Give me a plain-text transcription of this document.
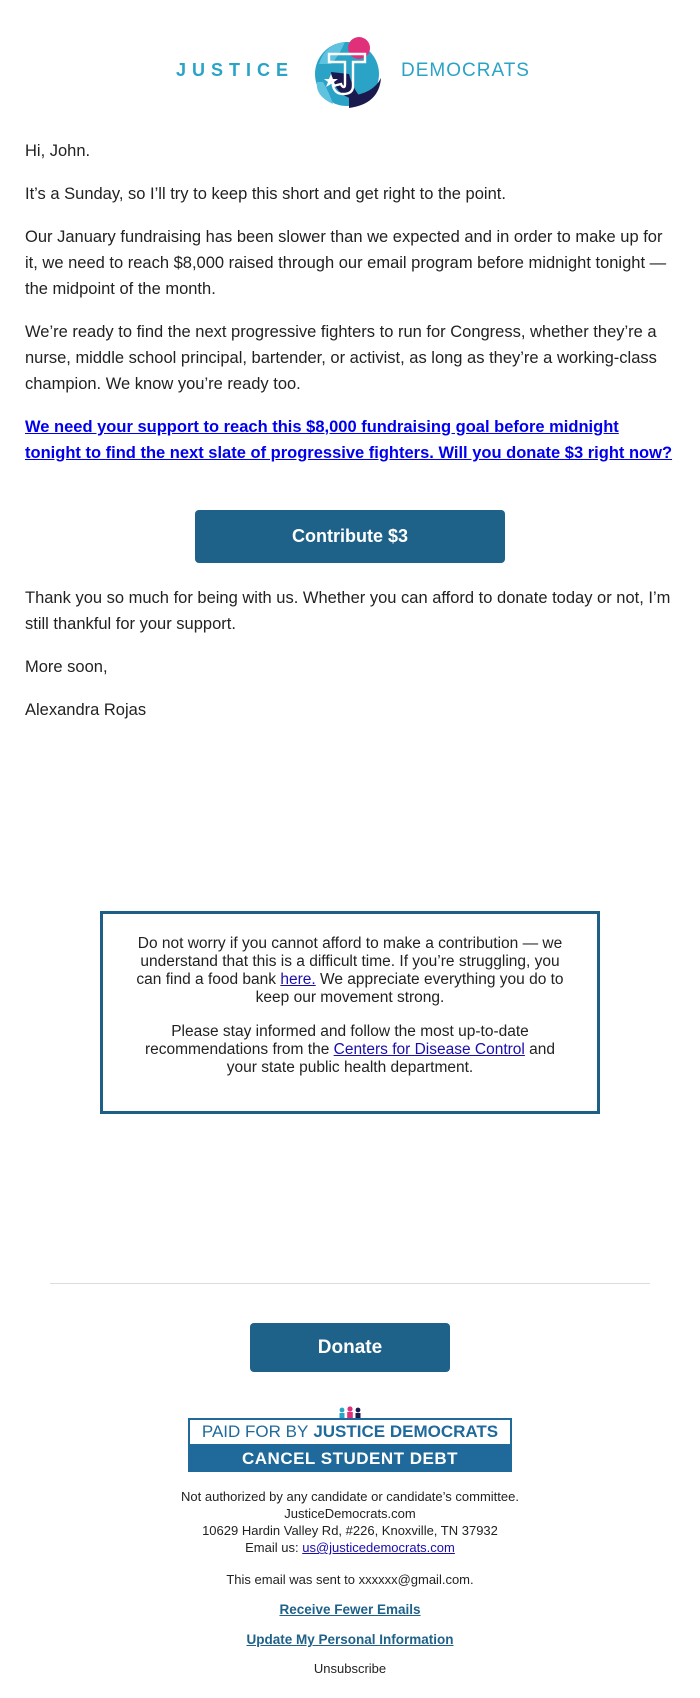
JUSTICE	DEMOCRATS

Hi, John.

It’s a Sunday, so I’ll try to keep this short and get right to the point.

Our January fundraising has been slower than we expected and in order to make up for it, we need to reach $8,000 raised through our email program before midnight tonight — the midpoint of the month.

We’re ready to find the next progressive fighters to run for Congress, whether they’re a nurse, middle school principal, bartender, or activist, as long as they’re a working-class champion. We know you’re ready too.

We need your support to reach this $8,000 fundraising goal before midnight tonight to find the next slate of progressive fighters. Will you donate $3 right now?

Contribute $3

Thank you so much for being with us. Whether you can afford to donate today or not, I’m still thankful for your support.

More soon,

Alexandra Rojas

Do not worry if you cannot afford to make a contribution — we understand that this is a difficult time. If you’re struggling, you can find a food bank here. We appreciate everything you do to keep our movement strong.

Please stay informed and follow the most up-to-date recommendations from the Centers for Disease Control and your state public health department.

Donate
PAID FOR BY JUSTICE DEMOCRATS
CANCEL STUDENT DEBT
Not authorized by any candidate or candidate’s committee.
JusticeDemocrats.com
10629 Hardin Valley Rd, #226, Knoxville, TN 37932
Email us: us@justicedemocrats.com
This email was sent to xxxxxx@gmail.com.
Receive Fewer Emails
Update My Personal Information
Unsubscribe
